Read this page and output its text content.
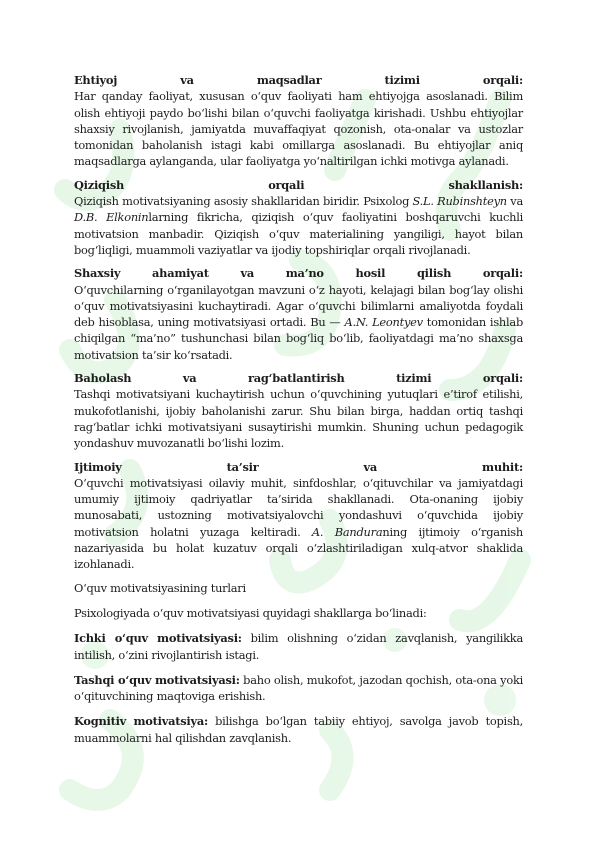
Ehtiyoj	va	maqsadlar	tizimi	orqali:

Har qanday faoliyat, xususan o‘quv faoliyati ham ehtiyojga asoslanadi. Bilim olish ehtiyoji paydo bo‘lishi bilan o‘quvchi faoliyatga kirishadi. Ushbu ehtiyojlar shaxsiy rivojlanish, jamiyatda muvaffaqiyat qozonish, ota-onalar va ustozlar tomonidan baholanish istagi kabi omillarga asoslanadi. Bu ehtiyojlar aniq maqsadlarga aylanganda, ular faoliyatga yo‘naltirilgan ichki motivga aylanadi.

Qiziqish	orqali	shakllanish:

Qiziqish motivatsiyaning asosiy shakllaridan biridir. Psixolog S.L. Rubinshteyn va D.B. Elkoninlarning fikricha, qiziqish o‘quv faoliyatini boshqaruvchi kuchli motivatsion manbadir. Qiziqish o‘quv materialining yangiligi, hayot bilan bog‘liqligi, muammoli vaziyatlar va ijodiy topshiriqlar orqali rivojlanadi.

Shaxsiy	ahamiyat	va	ma’no	hosil	qilish	orqali:

O‘quvchilarning o‘rganilayotgan mavzuni o‘z hayoti, kelajagi bilan bog‘lay olishi o‘quv motivatsiyasini kuchaytiradi. Agar o‘quvchi bilimlarni amaliyotda foydali deb hisoblasa, uning motivatsiyasi ortadi. Bu — A.N. Leontyev tomonidan ishlab chiqilgan “ma’no” tushunchasi bilan bog‘liq bo‘lib, faoliyatdagi ma’no shaxsga motivatsion ta’sir ko‘rsatadi.

Baholash	va	rag‘batlantirish	tizimi	orqali:

Tashqi motivatsiyani kuchaytirish uchun o‘quvchining yutuqlari e’tirof etilishi, mukofotlanishi, ijobiy baholanishi zarur. Shu bilan birga, haddan ortiq tashqi rag‘batlar ichki motivatsiyani susaytirishi mumkin. Shuning uchun pedagogik yondashuv muvozanatli bo‘lishi lozim.

Ijtimoiy	ta’sir	va	muhit:

O‘quvchi motivatsiyasi oilaviy muhit, sinfdoshlar, o‘qituvchilar va jamiyatdagi umumiy ijtimoiy qadriyatlar ta’sirida shakllanadi. Ota-onaning ijobiy munosabati, ustozning motivatsiyalovchi yondashuvi o‘quvchida ijobiy motivatsion holatni yuzaga keltiradi. A. Banduraning ijtimoiy o‘rganish nazariyasida bu holat kuzatuv orqali o‘zlashtiriladigan xulq-atvor shaklida izohlanadi.

O‘quv motivatsiyasining turlari

Psixologiyada o‘quv motivatsiyasi quyidagi shakllarga bo‘linadi:

Ichki o‘quv motivatsiyasi: bilim olishning o‘zidan zavqlanish, yangilikka intilish, o‘zini rivojlantirish istagi.

Tashqi o‘quv motivatsiyasi: baho olish, mukofot, jazodan qochish, ota-ona yoki o‘qituvchining maqtoviga erishish.

Kognitiv motivatsiya: bilishga bo‘lgan tabiiy ehtiyoj, savolga javob topish, muammolarni hal qilishdan zavqlanish.
